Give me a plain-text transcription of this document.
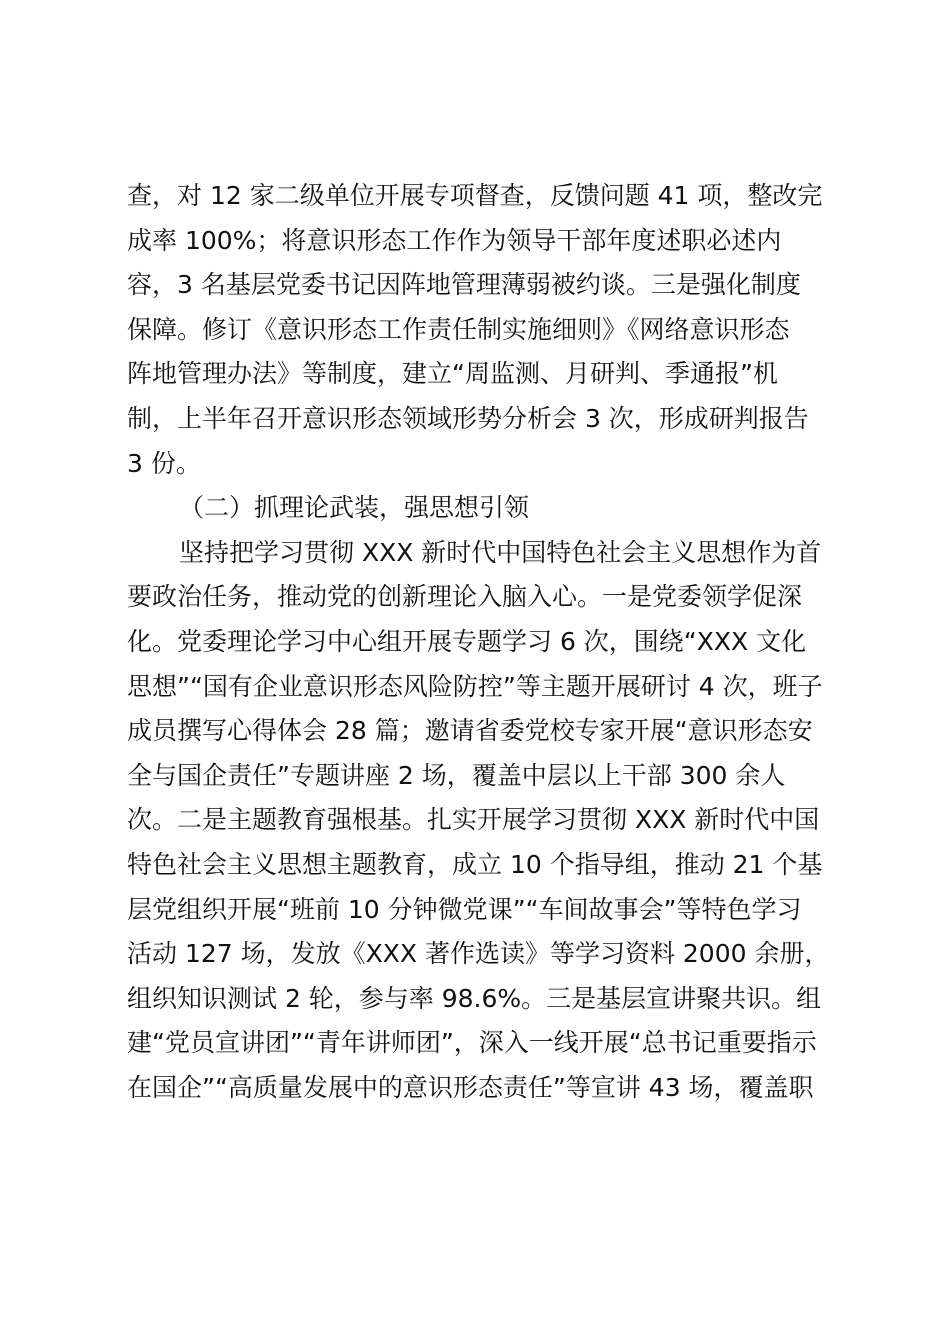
查，对 12 家二级单位开展专项督查，反馈问题 41 项，整改完
成率 100%；将意识形态工作作为领导干部年度述职必述内
容，3 名基层党委书记因阵地管理薄弱被约谈。三是强化制度
保障。修订《意识形态工作责任制实施细则》《网络意识形态
阵地管理办法》等制度，建立“周监测、月研判、季通报”机
制，上半年召开意识形态领域形势分析会 3 次，形成研判报告
3 份。
（二）抓理论武装，强思想引领
坚持把学习贯彻 XXX 新时代中国特色社会主义思想作为首
要政治任务，推动党的创新理论入脑入心。一是党委领学促深
化。党委理论学习中心组开展专题学习 6 次，围绕“XXX 文化
思想”“国有企业意识形态风险防控”等主题开展研讨 4 次，班子
成员撰写心得体会 28 篇；邀请省委党校专家开展“意识形态安
全与国企责任”专题讲座 2 场，覆盖中层以上干部 300 余人
次。二是主题教育强根基。扎实开展学习贯彻 XXX 新时代中国
特色社会主义思想主题教育，成立 10 个指导组，推动 21 个基
层党组织开展“班前 10 分钟微党课”“车间故事会”等特色学习
活动 127 场，发放《XXX 著作选读》等学习资料 2000 余册，
组织知识测试 2 轮，参与率 98.6%。三是基层宣讲聚共识。组
建“党员宣讲团”“青年讲师团”，深入一线开展“总书记重要指示
在国企”“高质量发展中的意识形态责任”等宣讲 43 场，覆盖职
